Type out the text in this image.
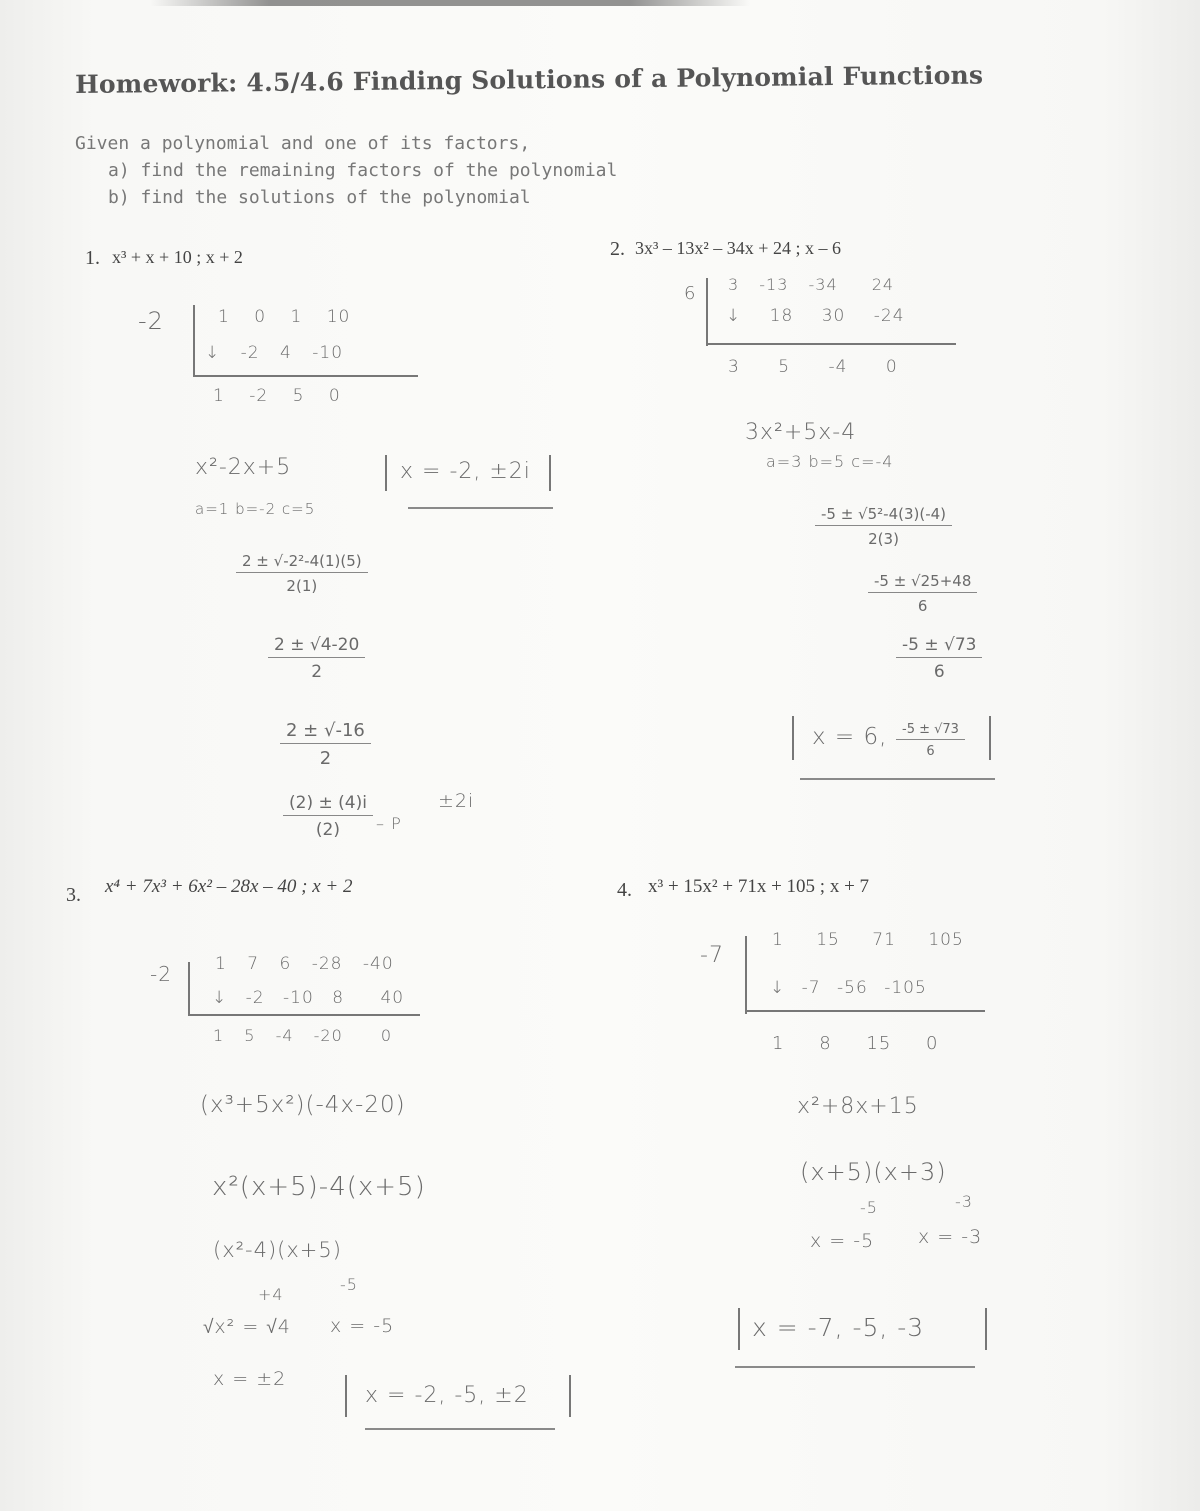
Homework: 4.5/4.6 Finding Solutions of a Polynomial Functions
Given a polynomial and one of its factors,
a) find the remaining factors of the polynomial
b) find the solutions of the polynomial
1. x³ + x + 10 ; x + 2
-2	1 0 1 10
↓ -2 4 -10
1 -2 5 0
x²-2x+5
a=1 b=-2 c=5
x = -2, ±2i
$\frac{\text{2 ± √-2²-4(1)(5)}}{2(1)}$
$\frac{2 \pm √4-20}{2}$
$\frac{2 \pm √-16}{2}$
$\frac{(2) \pm (4)i}{(2)}$ – P
±2i
2. 3x³ – 13x² – 34x + 24 ; x – 6
6 3 -13 -34 24
↓ 18 30 -24
3 5 -4 0
3x²+5x-4
a=3 b=5 c=-4
$\frac{\text{-5 ± √5²-4(3)(-4)}}{2(3)}$
$\frac{-5 \pm √25+48}{6}$
$\frac{-5 \pm √73}{6}$
x = 6, $\frac{-5 \pm √73}{6}$
3. x⁴ + 7x³ + 6x² – 28x – 40 ; x + 2
-2	1 7 6 -28 -40
↓ -2 -10 8 40
1 5 -4 -20 0
(x³+5x²)(-4x-20)
x²(x+5)-4(x+5)
(x²-4)(x+5)
+4
-5
√x² = √4 x = -5
x = ±2
x = -2, -5, ±2
4. x³ + 15x² + 71x + 105 ; x + 7
-7
1 15 71 105
↓ -7 -56 -105
1 8 15 0
x²+8x+15
(x+5)(x+3)
-5	-3
x = -5 x = -3
x = -7, -5, -3
